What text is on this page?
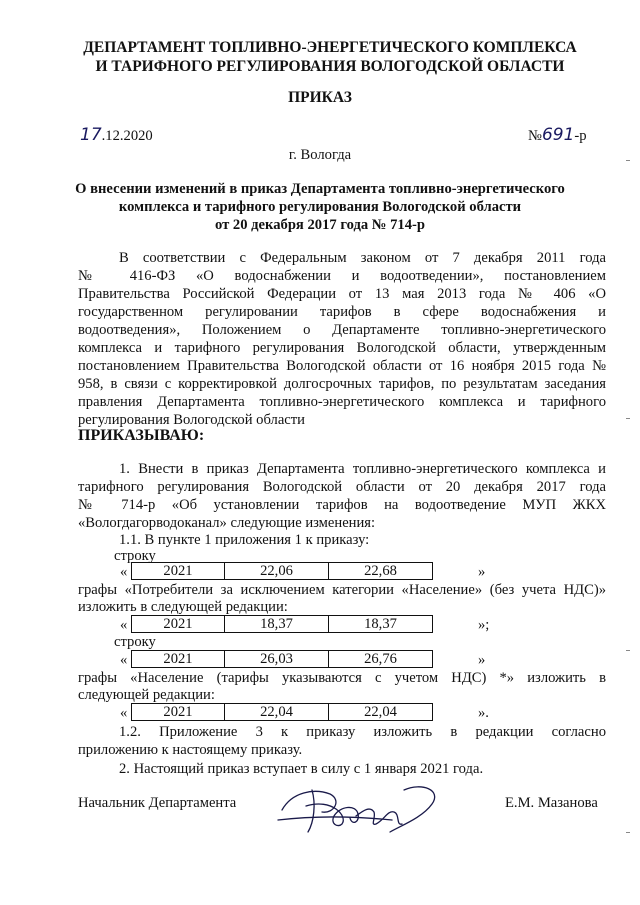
ДЕПАРТАМЕНТ ТОПЛИВНО-ЭНЕРГЕТИЧЕСКОГО КОМПЛЕКСА
И ТАРИФНОГО РЕГУЛИРОВАНИЯ ВОЛОГОДСКОЙ ОБЛАСТИ
ПРИКАЗ
17.12.2020	№691-р
г. Вологда
О внесении изменений в приказ Департамента топливно-энергетического
комплекса и тарифного регулирования Вологодской области
от 20 декабря 2017 года № 714-р
В соответствии с Федеральным законом от 7 декабря 2011 года
№ 416-ФЗ «О водоснабжении и водоотведении», постановлением
Правительства Российской Федерации от 13 мая 2013 года № 406 «О
государственном регулировании тарифов в сфере водоснабжения и
водоотведения», Положением о Департаменте топливно-энергетического
комплекса и тарифного регулирования Вологодской области, утвержденным
постановлением Правительства Вологодской области от 16 ноября 2015 года №
958, в связи с корректировкой долгосрочных тарифов, по результатам заседания
правления Департамента топливно-энергетического комплекса и тарифного
регулирования Вологодской области
ПРИКАЗЫВАЮ:
1. Внести в приказ Департамента топливно-энергетического комплекса и
тарифного регулирования Вологодской области от 20 декабря 2017 года
№ 714-р «Об установлении тарифов на водоотведение МУП ЖКХ
«Вологдагорводоканал» следующие изменения:
1.1. В пункте 1 приложения 1 к приказу:
строку
« 2021	22,06	22,68	»
графы «Потребители за исключением категории «Население» (без учета НДС)»
изложить в следующей редакции:
« 2021	18,37	18,37	»;
строку
« 2021	26,03	26,76	»
графы «Население (тарифы указываются с учетом НДС) *» изложить в
следующей редакции:
« 2021	22,04	22,04	».
1.2. Приложение 3 к приказу изложить в редакции согласно
приложению к настоящему приказу.
2. Настоящий приказ вступает в силу с 1 января 2021 года.
Начальник Департамента	Е.М. Мазанова
